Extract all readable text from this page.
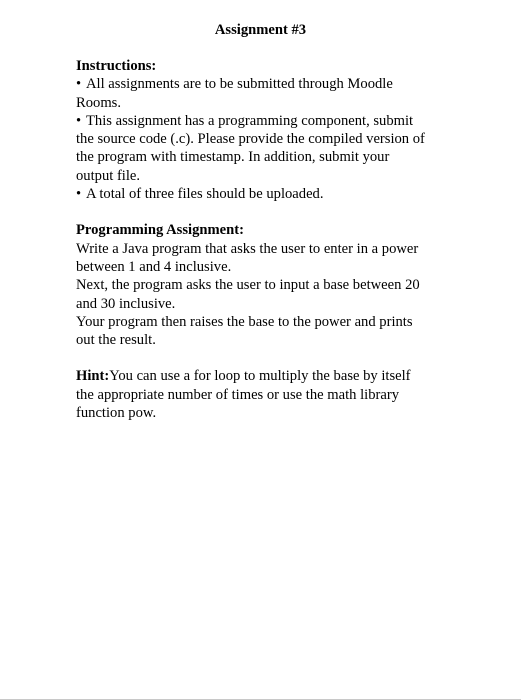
Assignment #3
Instructions:
• All assignments are to be submitted through Moodle
Rooms.
• This assignment has a programming component, submit
the source code (.c). Please provide the compiled version of
the program with timestamp. In addition, submit your
output file.
• A total of three files should be uploaded.
Programming Assignment:
Write a Java program that asks the user to enter in a power
between 1 and 4 inclusive.
Next, the program asks the user to input a base between 20
and 30 inclusive.
Your program then raises the base to the power and prints
out the result.
Hint:You can use a for loop to multiply the base by itself
the appropriate number of times or use the math library
function pow.
